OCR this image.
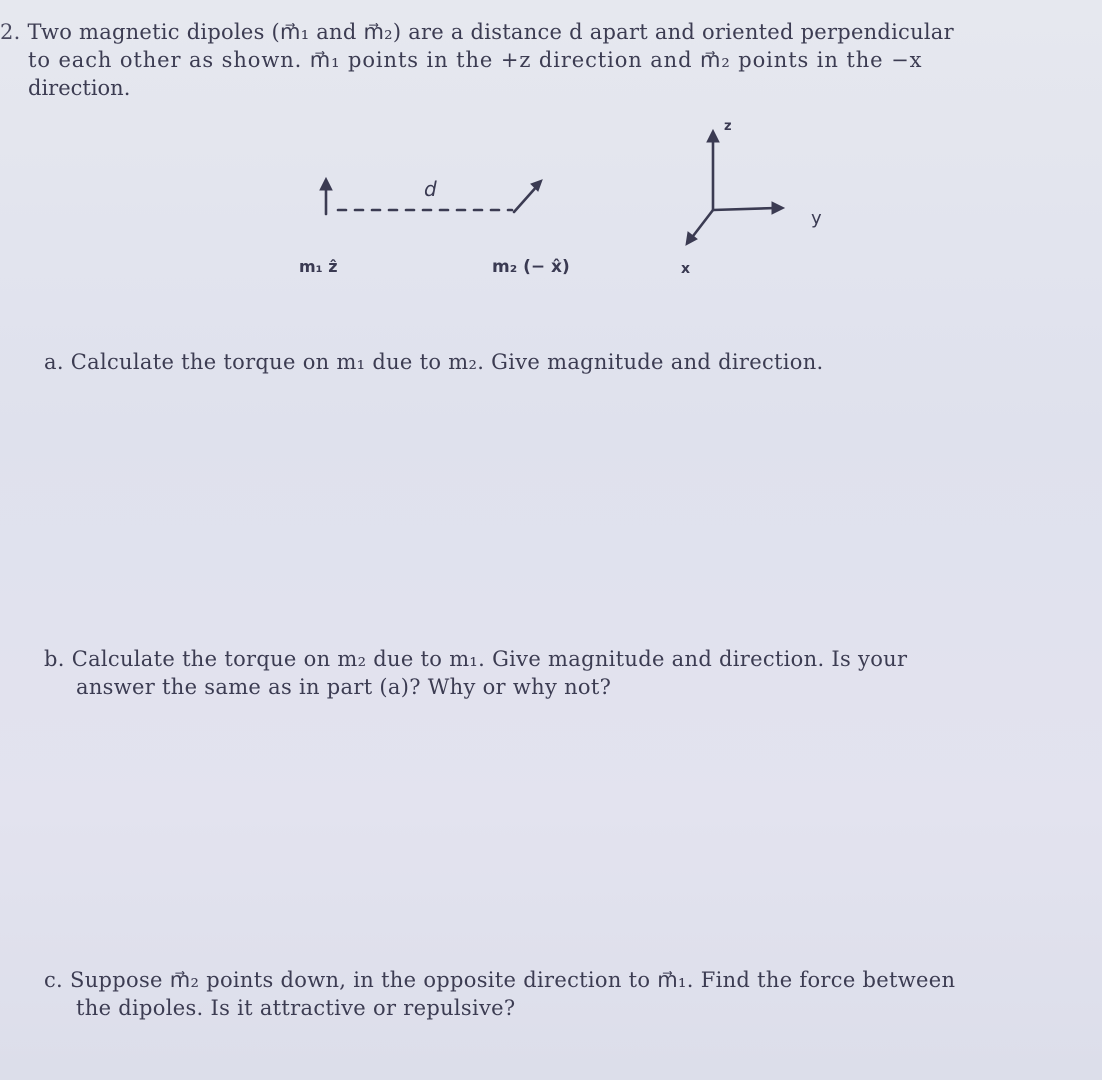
2. Two magnetic dipoles (m⃗₁ and m⃗₂) are a distance d apart and oriented perpendicular
to each other as shown. m⃗₁ points in the +z direction and m⃗₂ points in the −x
direction.
d
m₁ ẑ	m₂ (− x̂)
z
y
x
a. Calculate the torque on m₁ due to m₂. Give magnitude and direction.
b. Calculate the torque on m₂ due to m₁. Give magnitude and direction. Is your
answer the same as in part (a)? Why or why not?
c. Suppose m⃗₂ points down, in the opposite direction to m⃗₁. Find the force between
the dipoles. Is it attractive or repulsive?
